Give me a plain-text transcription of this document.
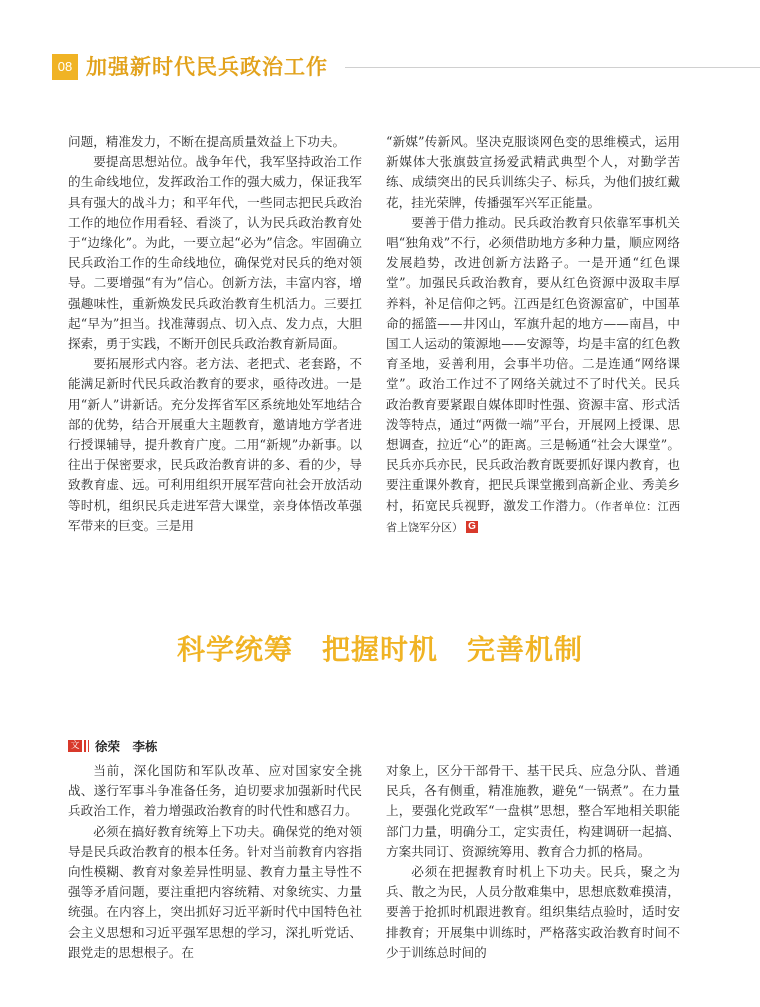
08 加强新时代民兵政治工作

问题，精准发力，不断在提高质量效益上下功夫。

要提高思想站位。战争年代，我军坚持政治工作的生命线地位，发挥政治工作的强大威力，保证我军具有强大的战斗力；和平年代，一些同志把民兵政治工作的地位作用看轻、看淡了，认为民兵政治教育处于“边缘化”。为此，一要立起“必为”信念。牢固确立民兵政治工作的生命线地位，确保党对民兵的绝对领导。二要增强“有为”信心。创新方法，丰富内容，增强趣味性，重新焕发民兵政治教育生机活力。三要扛起“早为”担当。找准薄弱点、切入点、发力点，大胆探索，勇于实践，不断开创民兵政治教育新局面。

要拓展形式内容。老方法、老把式、老套路，不能满足新时代民兵政治教育的要求，亟待改进。一是用“新人”讲新话。充分发挥省军区系统地处军地结合部的优势，结合开展重大主题教育，邀请地方学者进行授课辅导，提升教育广度。二用“新规”办新事。以往出于保密要求，民兵政治教育讲的多、看的少，导致教育虚、远。可利用组织开展军营向社会开放活动等时机，组织民兵走进军营大课堂，亲身体悟改革强军带来的巨变。三是用

“新媒”传新风。坚决克服谈网色变的思维模式，运用新媒体大张旗鼓宣扬爱武精武典型个人，对勤学苦练、成绩突出的民兵训练尖子、标兵，为他们披红戴花，挂光荣牌，传播强军兴军正能量。

要善于借力推动。民兵政治教育只依靠军事机关唱“独角戏”不行，必须借助地方多种力量，顺应网络发展趋势，改进创新方法路子。一是开通“红色课堂”。加强民兵政治教育，要从红色资源中汲取丰厚养料，补足信仰之钙。江西是红色资源富矿，中国革命的摇篮——井冈山，军旗升起的地方——南昌，中国工人运动的策源地——安源等，均是丰富的红色教育圣地，妥善利用，会事半功倍。二是连通“网络课堂”。政治工作过不了网络关就过不了时代关。民兵政治教育要紧跟自媒体即时性强、资源丰富、形式活泼等特点，通过“两微一端”平台，开展网上授课、思想调查，拉近“心”的距离。三是畅通“社会大课堂”。民兵亦兵亦民，民兵政治教育既要抓好课内教育，也要注重课外教育，把民兵课堂搬到高新企业、秀美乡村，拓宽民兵视野，激发工作潜力。（作者单位：江西省上饶军分区） G

科学统筹　把握时机　完善机制
文 徐荣　李栋

当前，深化国防和军队改革、应对国家安全挑战、遂行军事斗争准备任务，迫切要求加强新时代民兵政治工作，着力增强政治教育的时代性和感召力。

必须在搞好教育统筹上下功夫。确保党的绝对领导是民兵政治教育的根本任务。针对当前教育内容指向性模糊、教育对象差异性明显、教育力量主导性不强等矛盾问题，要注重把内容统精、对象统实、力量统强。在内容上，突出抓好习近平新时代中国特色社会主义思想和习近平强军思想的学习，深扎听党话、跟党走的思想根子。在

对象上，区分干部骨干、基干民兵、应急分队、普通民兵，各有侧重，精准施教，避免“一锅煮”。在力量上，要强化党政军“一盘棋”思想，整合军地相关职能部门力量，明确分工，定实责任，构建调研一起搞、方案共同订、资源统筹用、教育合力抓的格局。

必须在把握教育时机上下功夫。民兵，聚之为兵、散之为民，人员分散难集中，思想底数难摸清，要善于抢抓时机跟进教育。组织集结点验时，适时安排教育；开展集中训练时，严格落实政治教育时间不少于训练总时间的
